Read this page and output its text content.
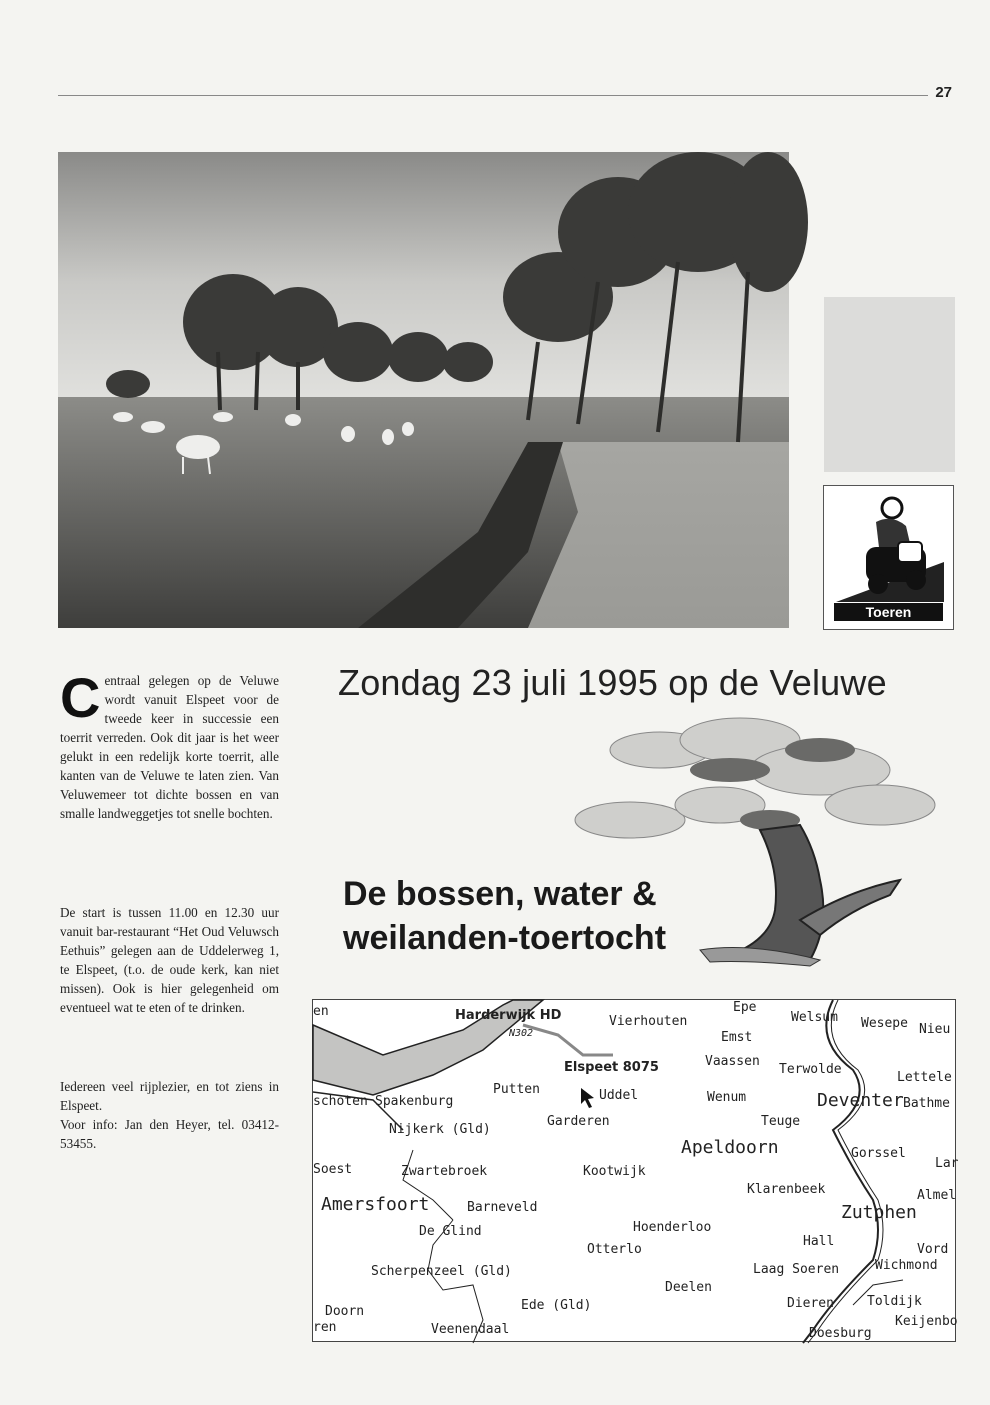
27
Toeren
C entraal gelegen op de Veluwe wordt vanuit Elspeet voor de tweede keer in successie een toerrit verreden. Ook dit jaar is het weer gelukt in een redelijk korte toerrit, alle kanten van de Veluwe te laten zien. Van Veluwemeer tot dichte bossen en van smalle landweggetjes tot snelle bochten.

De start is tussen 11.00 en 12.30 uur vanuit bar-restaurant “Het Oud Veluwsch Eethuis” gelegen aan de Uddelerweg 1, te Elspeet, (t.o. de oude kerk, kan niet missen). Ook is hier gelegenheid om eventueel wat te eten of te drinken.

Iedereen veel rijplezier, en tot ziens in Elspeet.

Voor info: Jan den Heyer, tel. 03412-53455.

Zondag 23 juli 1995 op de Veluwe
De bossen, water &
weilanden-toertocht
Harderwijk HD	Vierhouten
Epe
Welsum Wesepe Nieu
Emst
Elspeet 8075	Vaassen
Terwolde
Lettele
Putten	Uddel	Wenum	Deventer Bathme
schoten Spakenburg
Garderen	Teuge
Nijkerk (Gld)
Apeldoorn	Gorssel
Soest	Zwartebroek	Kootwijk
Lar
Klarenbeek
Amersfoort	Barneveld
Almel
Zutphen
Hoenderloo
De Glind
Hall
Otterlo	Vord
Laag Soeren	Wichmond
Scherpenzeel (Gld)
Deelen
Dieren	Toldijk
Doorn	Ede (Gld)
Keijenbo
ren	Veenendaal	Doesburg
en
N302
